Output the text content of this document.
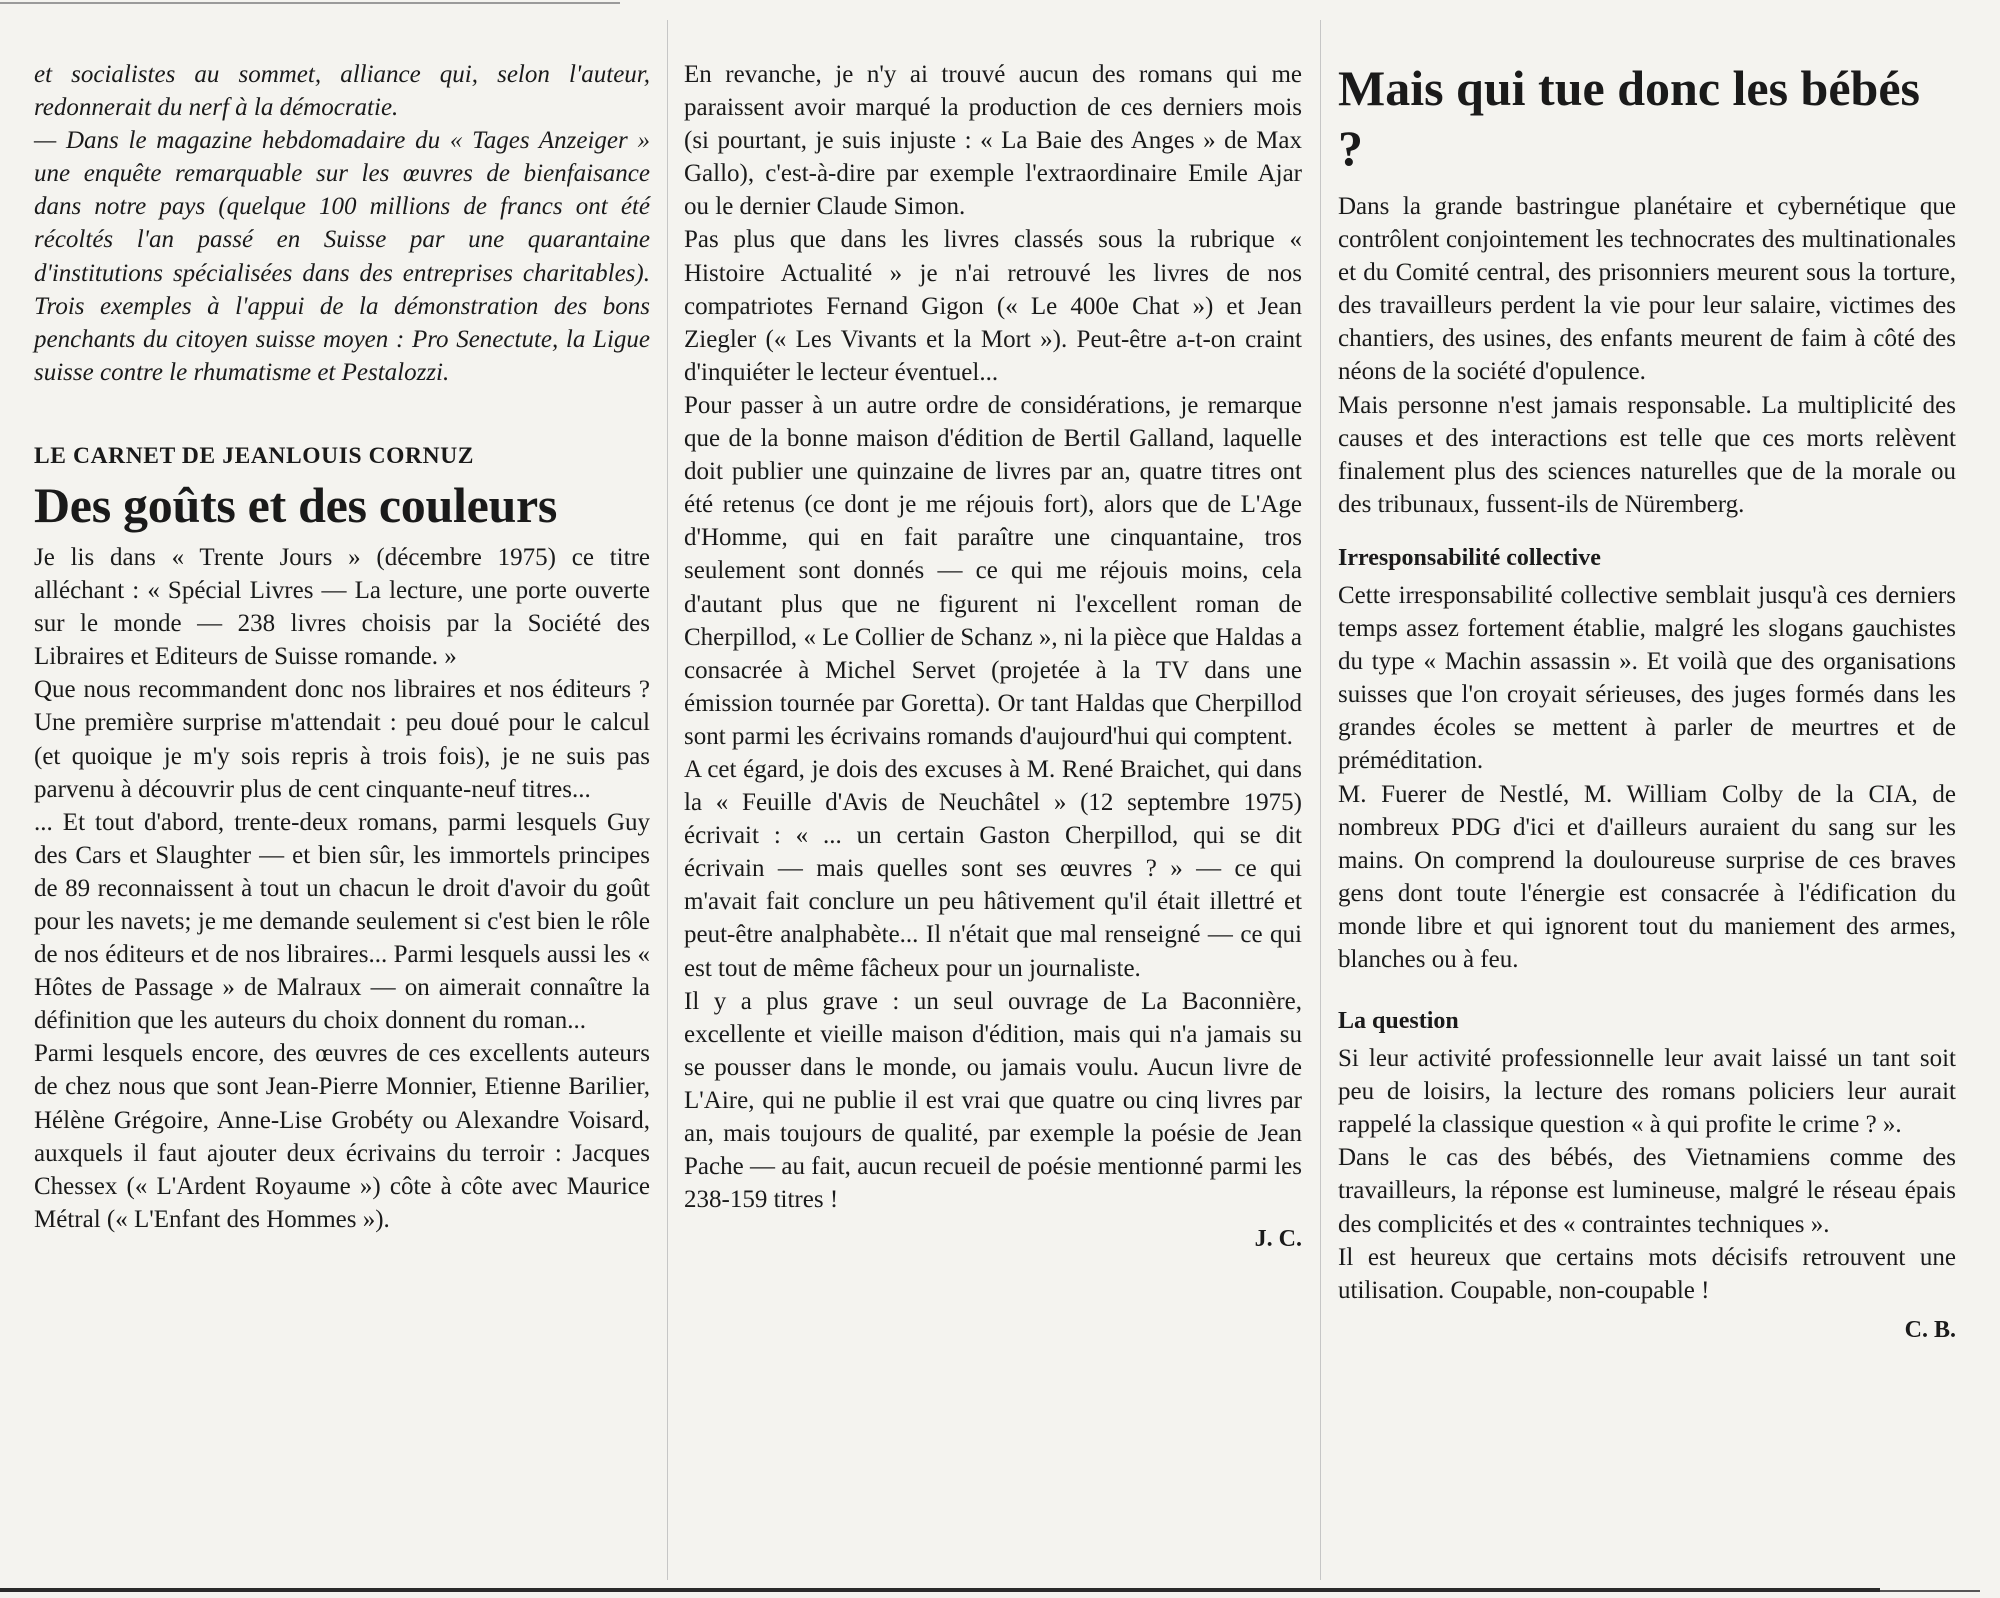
et socialistes au sommet, alliance qui, selon l'auteur, redonnerait du nerf à la démocratie.

— Dans le magazine hebdomadaire du « Tages Anzeiger » une enquête remarquable sur les œuvres de bienfaisance dans notre pays (quelque 100 millions de francs ont été récoltés l'an passé en Suisse par une quarantaine d'institutions spécialisées dans des entreprises charitables). Trois exemples à l'appui de la démonstration des bons penchants du citoyen suisse moyen : Pro Senectute, la Ligue suisse contre le rhumatisme et Pestalozzi.

LE CARNET DE JEANLOUIS CORNUZ
Des goûts et des couleurs

Je lis dans « Trente Jours » (décembre 1975) ce titre alléchant : « Spécial Livres — La lecture, une porte ouverte sur le monde — 238 livres choisis par la Société des Libraires et Editeurs de Suisse romande. »

Que nous recommandent donc nos libraires et nos éditeurs ? Une première surprise m'attendait : peu doué pour le calcul (et quoique je m'y sois repris à trois fois), je ne suis pas parvenu à découvrir plus de cent cinquante-neuf titres...

... Et tout d'abord, trente-deux romans, parmi lesquels Guy des Cars et Slaughter — et bien sûr, les immortels principes de 89 reconnaissent à tout un chacun le droit d'avoir du goût pour les navets; je me demande seulement si c'est bien le rôle de nos éditeurs et de nos libraires... Parmi lesquels aussi les « Hôtes de Passage » de Malraux — on aimerait connaître la définition que les auteurs du choix donnent du roman...

Parmi lesquels encore, des œuvres de ces excellents auteurs de chez nous que sont Jean-Pierre Monnier, Etienne Barilier, Hélène Grégoire, Anne-Lise Grobéty ou Alexandre Voisard, auxquels il faut ajouter deux écrivains du terroir : Jacques Chessex (« L'Ardent Royaume ») côte à côte avec Maurice Métral (« L'Enfant des Hommes »).

En revanche, je n'y ai trouvé aucun des romans qui me paraissent avoir marqué la production de ces derniers mois (si pourtant, je suis injuste : « La Baie des Anges » de Max Gallo), c'est-à-dire par exemple l'extraordinaire Emile Ajar ou le dernier Claude Simon.

Pas plus que dans les livres classés sous la rubrique « Histoire Actualité » je n'ai retrouvé les livres de nos compatriotes Fernand Gigon (« Le 400e Chat ») et Jean Ziegler (« Les Vivants et la Mort »). Peut-être a-t-on craint d'inquiéter le lecteur éventuel...

Pour passer à un autre ordre de considérations, je remarque que de la bonne maison d'édition de Bertil Galland, laquelle doit publier une quinzaine de livres par an, quatre titres ont été retenus (ce dont je me réjouis fort), alors que de L'Age d'Homme, qui en fait paraître une cinquantaine, tros seulement sont donnés — ce qui me réjouis moins, cela d'autant plus que ne figurent ni l'excellent roman de Cherpillod, « Le Collier de Schanz », ni la pièce que Haldas a consacrée à Michel Servet (projetée à la TV dans une émission tournée par Goretta). Or tant Haldas que Cherpillod sont parmi les écrivains romands d'aujourd'hui qui comptent.

A cet égard, je dois des excuses à M. René Braichet, qui dans la « Feuille d'Avis de Neuchâtel » (12 septembre 1975) écrivait : « ... un certain Gaston Cherpillod, qui se dit écrivain — mais quelles sont ses œuvres ? » — ce qui m'avait fait conclure un peu hâtivement qu'il était illettré et peut-être analphabète... Il n'était que mal renseigné — ce qui est tout de même fâcheux pour un journaliste.

Il y a plus grave : un seul ouvrage de La Baconnière, excellente et vieille maison d'édition, mais qui n'a jamais su se pousser dans le monde, ou jamais voulu. Aucun livre de L'Aire, qui ne publie il est vrai que quatre ou cinq livres par an, mais toujours de qualité, par exemple la poésie de Jean Pache — au fait, aucun recueil de poésie mentionné parmi les 238-159 titres !

J. C.
Mais qui tue donc les bébés ?

Dans la grande bastringue planétaire et cybernétique que contrôlent conjointement les technocrates des multinationales et du Comité central, des prisonniers meurent sous la torture, des travailleurs perdent la vie pour leur salaire, victimes des chantiers, des usines, des enfants meurent de faim à côté des néons de la société d'opulence.

Mais personne n'est jamais responsable. La multiplicité des causes et des interactions est telle que ces morts relèvent finalement plus des sciences naturelles que de la morale ou des tribunaux, fussent-ils de Nüremberg.

Irresponsabilité collective

Cette irresponsabilité collective semblait jusqu'à ces derniers temps assez fortement établie, malgré les slogans gauchistes du type « Machin assassin ». Et voilà que des organisations suisses que l'on croyait sérieuses, des juges formés dans les grandes écoles se mettent à parler de meurtres et de préméditation.

M. Fuerer de Nestlé, M. William Colby de la CIA, de nombreux PDG d'ici et d'ailleurs auraient du sang sur les mains. On comprend la douloureuse surprise de ces braves gens dont toute l'énergie est consacrée à l'édification du monde libre et qui ignorent tout du maniement des armes, blanches ou à feu.

La question

Si leur activité professionnelle leur avait laissé un tant soit peu de loisirs, la lecture des romans policiers leur aurait rappelé la classique question « à qui profite le crime ? ».

Dans le cas des bébés, des Vietnamiens comme des travailleurs, la réponse est lumineuse, malgré le réseau épais des complicités et des « contraintes techniques ».

Il est heureux que certains mots décisifs retrouvent une utilisation. Coupable, non-coupable !

C. B.
